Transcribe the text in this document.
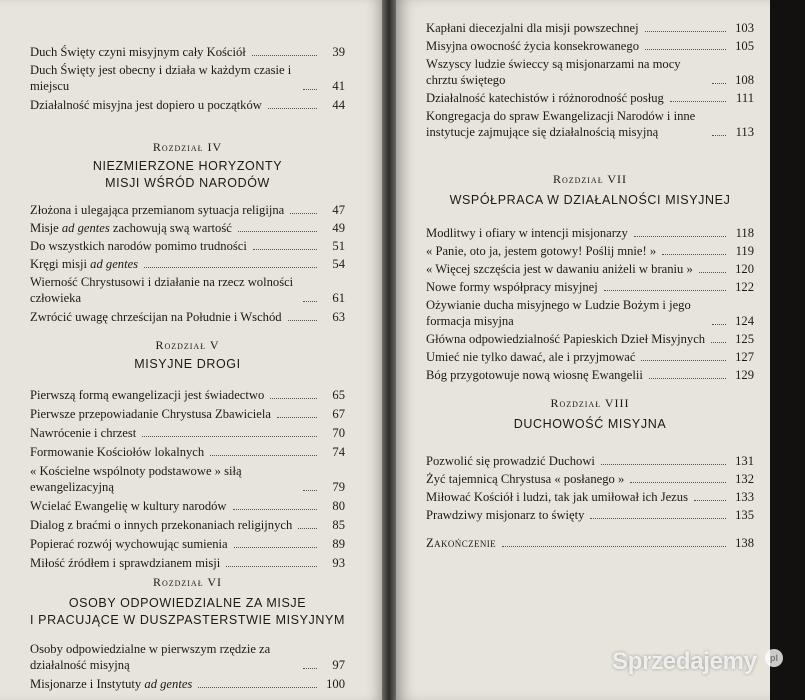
Duch Święty czyni misyjnym cały Kościół	39
Duch Święty jest obecny i działa w każdym czasie i miejscu	41
Działalność misyjna jest dopiero u początków	44
Rozdział IV
NIEZMIERZONE HORYZONTY
MISJI WŚRÓD NARODÓW
Złożona i ulegająca przemianom sytuacja religijna	47
Misje ad gentes zachowują swą wartość	49
Do wszystkich narodów pomimo trudności	51
Kręgi misji ad gentes	54
Wierność Chrystusowi i działanie na rzecz wolności człowieka	61
Zwrócić uwagę chrześcijan na Południe i Wschód	63
Rozdział V
MISYJNE DROGI
Pierwszą formą ewangelizacji jest świadectwo	65
Pierwsze przepowiadanie Chrystusa Zbawiciela	67
Nawrócenie i chrzest	70
Formowanie Kościołów lokalnych	74
« Kościelne wspólnoty podstawowe » siłą ewangelizacyjną	79
Wcielać Ewangelię w kultury narodów	80
Dialog z braćmi o innych przekonaniach religijnych	85
Popierać rozwój wychowując sumienia	89
Miłość źródłem i sprawdzianem misji	93
Rozdział VI
OSOBY ODPOWIEDZIALNE ZA MISJE
I PRACUJĄCE W DUSZPASTERSTWIE MISYJNYM
Osoby odpowiedzialne w pierwszym rzędzie za działalność misyjną	97
Misjonarze i Instytuty ad gentes	100
Kapłani diecezjalni dla misji powszechnej	103
Misyjna owocność życia konsekrowanego	105
Wszyscy ludzie świeccy są misjonarzami na mocy chrztu świętego	108
Działalność katechistów i różnorodność posług	111
Kongregacja do spraw Ewangelizacji Narodów i inne instytucje zajmujące się działalnością misyjną	113
Rozdział VII
WSPÓŁPRACA W DZIAŁALNOŚCI MISYJNEJ
Modlitwy i ofiary w intencji misjonarzy	118
« Panie, oto ja, jestem gotowy! Poślij mnie! »	119
« Więcej szczęścia jest w dawaniu aniżeli w braniu »	120
Nowe formy współpracy misyjnej	122
Ożywianie ducha misyjnego w Ludzie Bożym i jego formacja misyjna	124
Główna odpowiedzialność Papieskich Dzieł Misyjnych 125
Umieć nie tylko dawać, ale i przyjmować	127
Bóg przygotowuje nową wiosnę Ewangelii	129
Rozdział VIII
DUCHOWOŚĆ MISYJNA
Pozwolić się prowadzić Duchowi	131
Żyć tajemnicą Chrystusa « posłanego »	132
Miłować Kościół i ludzi, tak jak umiłował ich Jezus	133
Prawdziwy misjonarz to święty	135
Zakończenie	138
Sprzedajemy	pl
